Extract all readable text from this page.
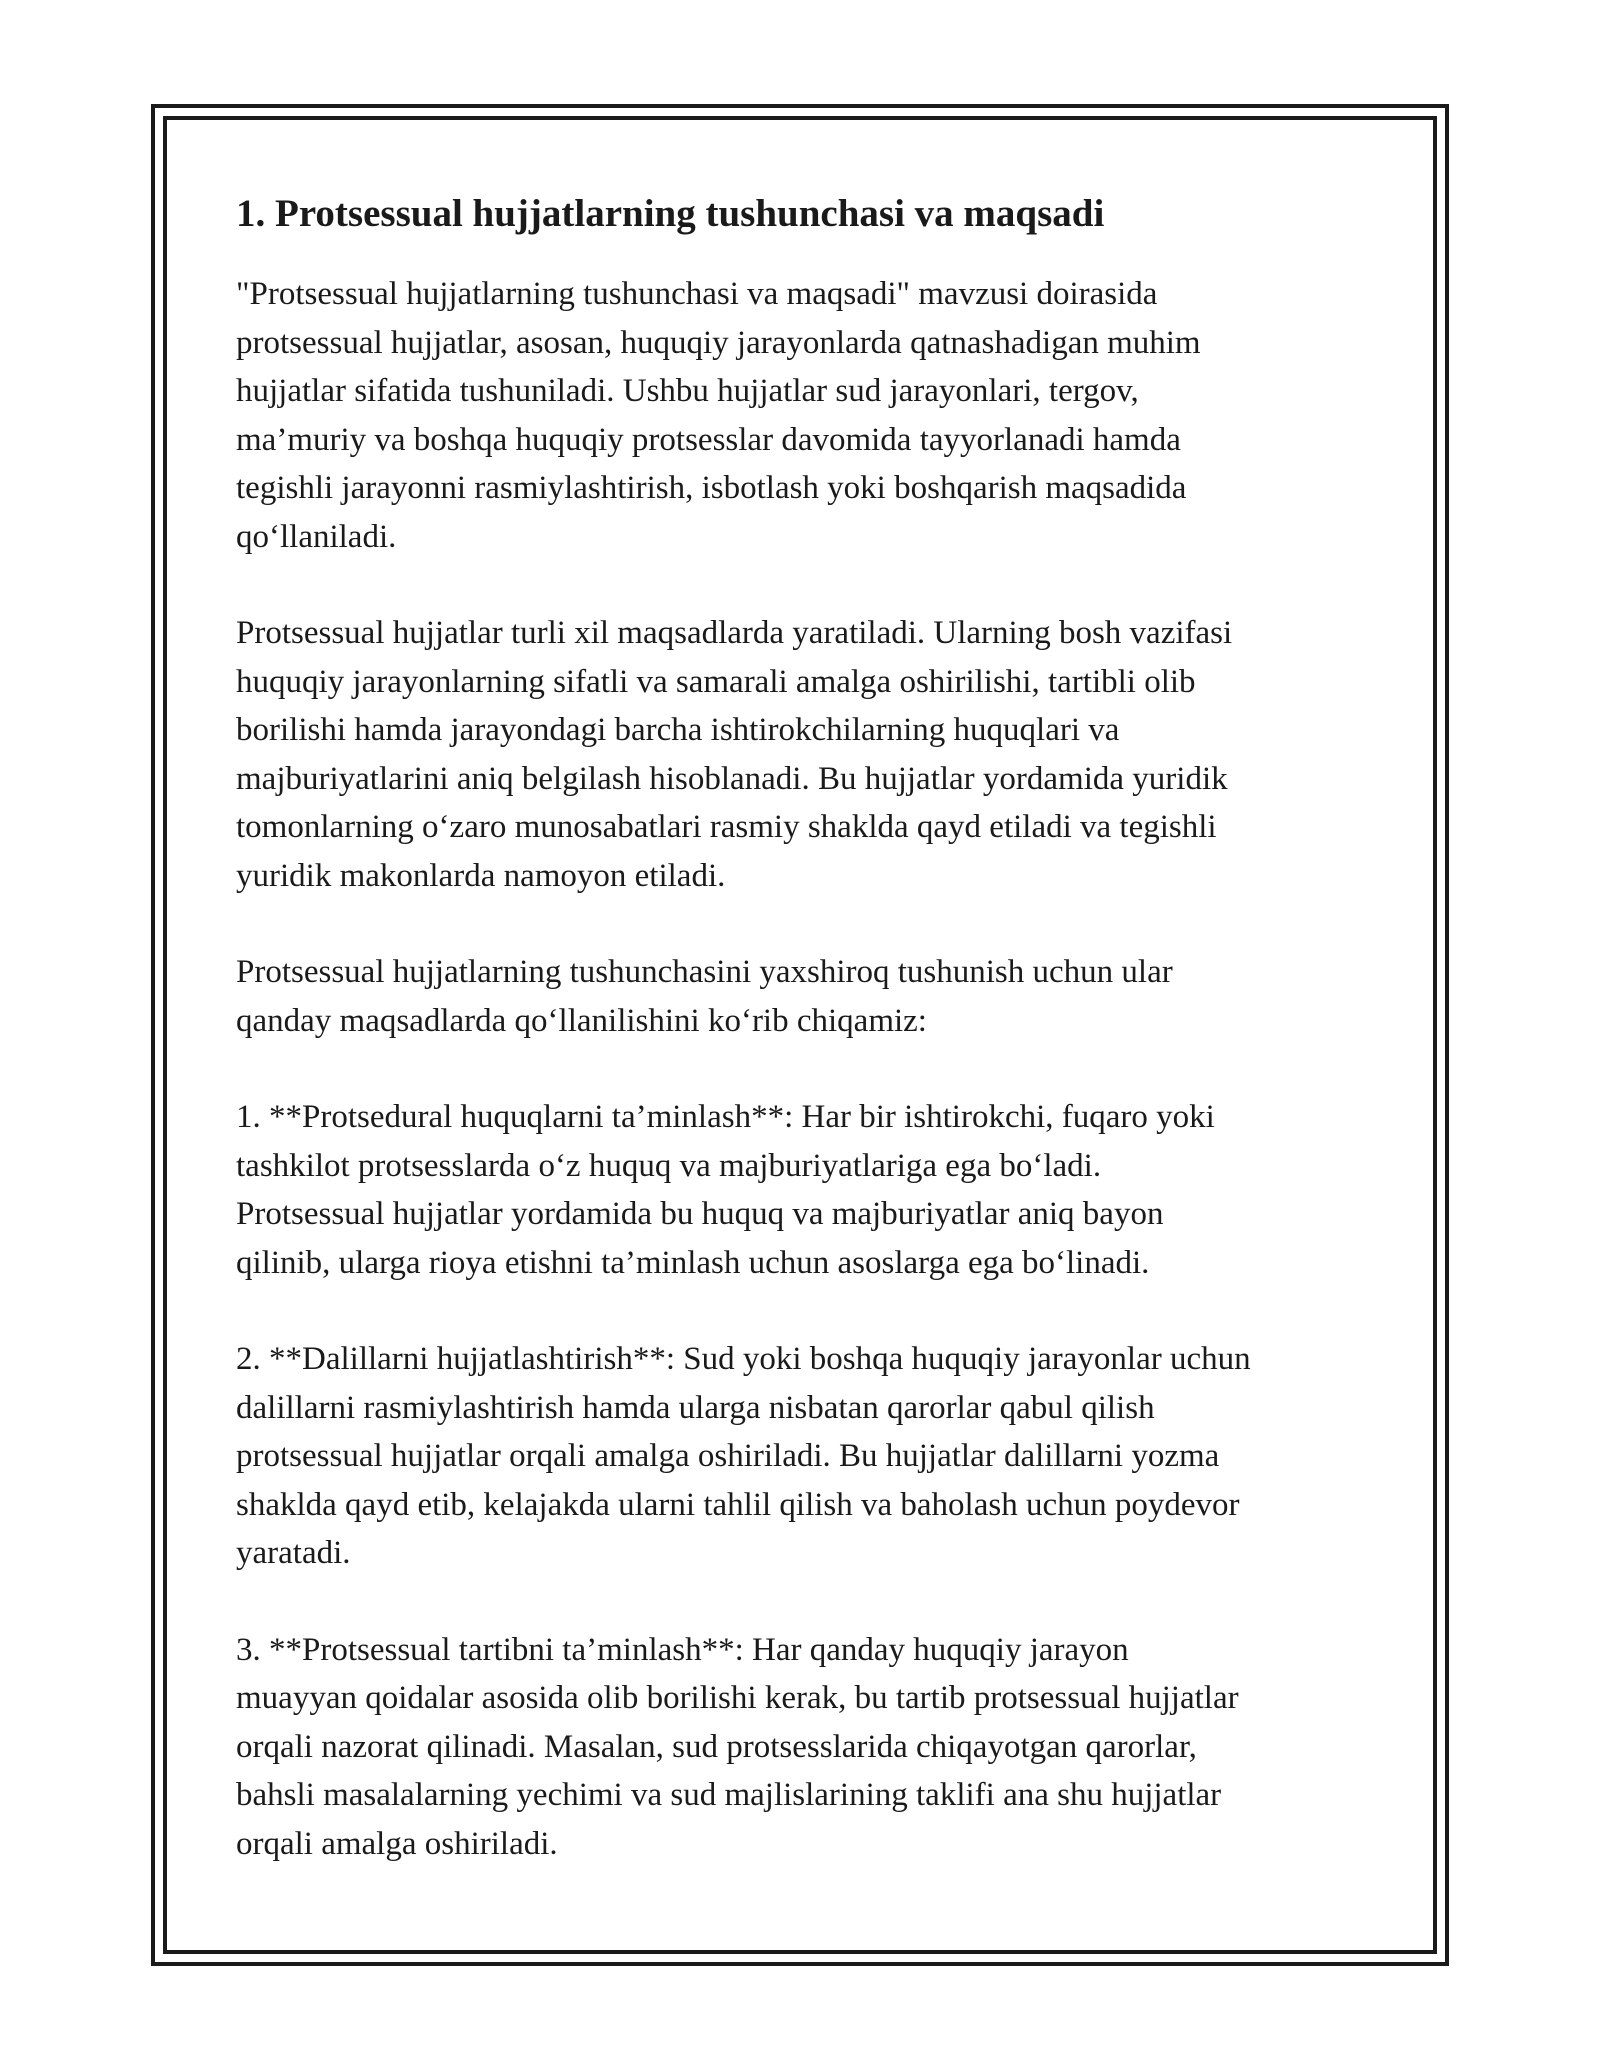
1. Protsessual hujjatlarning tushunchasi va maqsadi

"Protsessual hujjatlarning tushunchasi va maqsadi" mavzusi doirasida
protsessual hujjatlar, asosan, huquqiy jarayonlarda qatnashadigan muhim
hujjatlar sifatida tushuniladi. Ushbu hujjatlar sud jarayonlari, tergov,
ma’muriy va boshqa huquqiy protsesslar davomida tayyorlanadi hamda
tegishli jarayonni rasmiylashtirish, isbotlash yoki boshqarish maqsadida
qo‘llaniladi.

Protsessual hujjatlar turli xil maqsadlarda yaratiladi. Ularning bosh vazifasi
huquqiy jarayonlarning sifatli va samarali amalga oshirilishi, tartibli olib
borilishi hamda jarayondagi barcha ishtirokchilarning huquqlari va
majburiyatlarini aniq belgilash hisoblanadi. Bu hujjatlar yordamida yuridik
tomonlarning o‘zaro munosabatlari rasmiy shaklda qayd etiladi va tegishli
yuridik makonlarda namoyon etiladi.

Protsessual hujjatlarning tushunchasini yaxshiroq tushunish uchun ular
qanday maqsadlarda qo‘llanilishini ko‘rib chiqamiz:

1. **Protsedural huquqlarni ta’minlash**: Har bir ishtirokchi, fuqaro yoki
tashkilot protsesslarda o‘z huquq va majburiyatlariga ega bo‘ladi.
Protsessual hujjatlar yordamida bu huquq va majburiyatlar aniq bayon
qilinib, ularga rioya etishni ta’minlash uchun asoslarga ega bo‘linadi.

2. **Dalillarni hujjatlashtirish**: Sud yoki boshqa huquqiy jarayonlar uchun
dalillarni rasmiylashtirish hamda ularga nisbatan qarorlar qabul qilish
protsessual hujjatlar orqali amalga oshiriladi. Bu hujjatlar dalillarni yozma
shaklda qayd etib, kelajakda ularni tahlil qilish va baholash uchun poydevor
yaratadi.

3. **Protsessual tartibni ta’minlash**: Har qanday huquqiy jarayon
muayyan qoidalar asosida olib borilishi kerak, bu tartib protsessual hujjatlar
orqali nazorat qilinadi. Masalan, sud protsesslarida chiqayotgan qarorlar,
bahsli masalalarning yechimi va sud majlislarining taklifi ana shu hujjatlar
orqali amalga oshiriladi.
